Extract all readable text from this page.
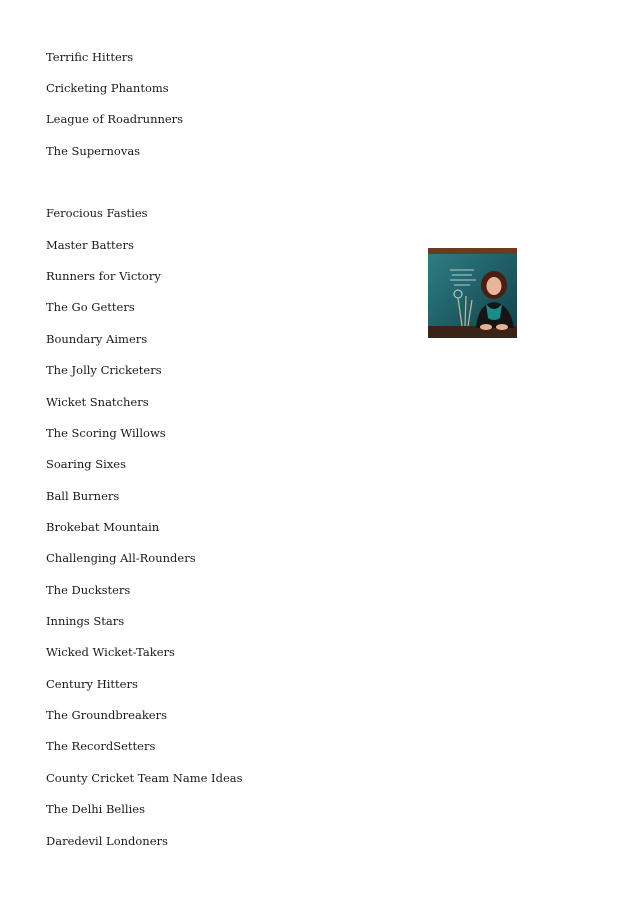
Terrific Hitters
Cricketing Phantoms
League of Roadrunners
The Supernovas
Ferocious Fasties
Master Batters
Runners for Victory
The Go Getters
Boundary Aimers
The Jolly Cricketers
Wicket Snatchers
The Scoring Willows
Soaring Sixes
Ball Burners
Brokebat Mountain
Challenging All-Rounders
The Ducksters
Innings Stars
Wicked Wicket-Takers
Century Hitters
The Groundbreakers
The RecordSetters
County Cricket Team Name Ideas
The Delhi Bellies
Daredevil Londoners
